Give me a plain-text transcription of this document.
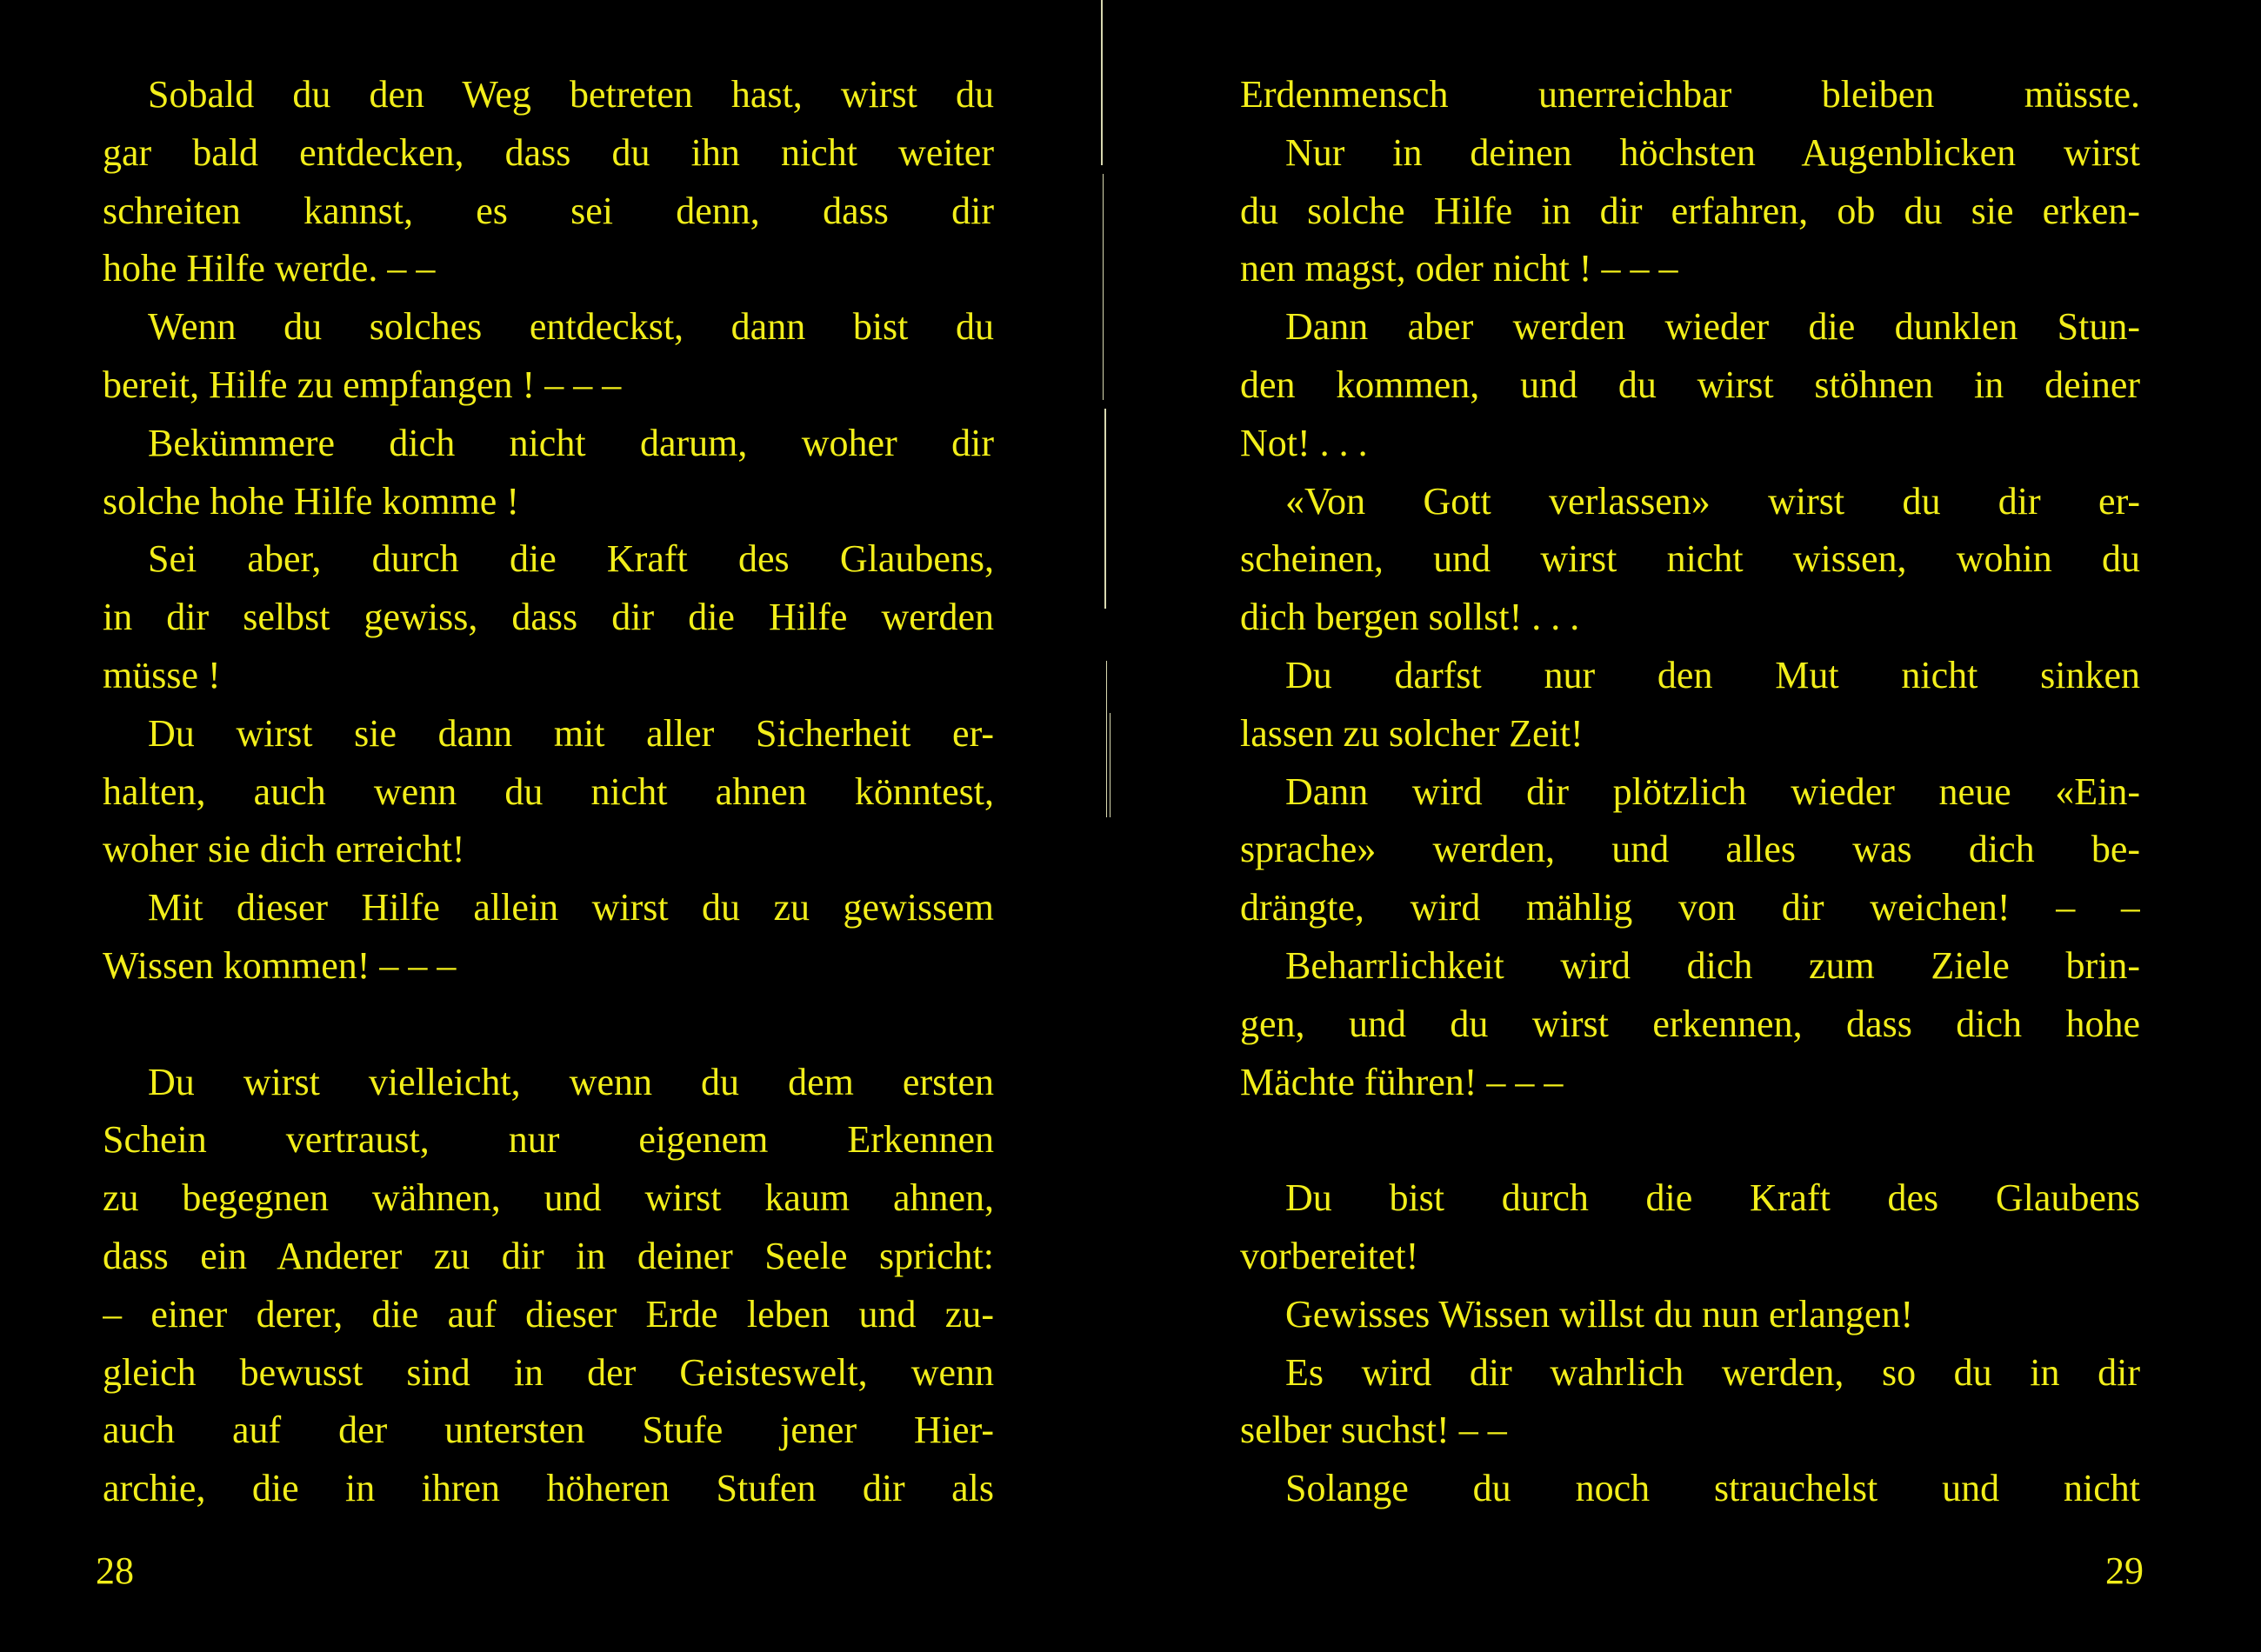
Sobald du den Weg betreten hast, wirst du
gar bald entdecken, dass du ihn nicht weiter
schreiten kannst, es sei denn, dass dir
hohe Hilfe werde. – –
Wenn du solches entdeckst, dann bist du
bereit, Hilfe zu empfangen ! – – –
Bekümmere dich nicht darum, woher dir
solche hohe Hilfe komme !
Sei aber, durch die Kraft des Glaubens,
in dir selbst gewiss, dass dir die Hilfe werden
müsse !
Du wirst sie dann mit aller Sicherheit er-
halten, auch wenn du nicht ahnen könntest,
woher sie dich erreicht!
Mit dieser Hilfe allein wirst du zu gewissem
Wissen kommen! – – –
Du wirst vielleicht, wenn du dem ersten
Schein vertraust, nur eigenem Erkennen
zu begegnen wähnen, und wirst kaum ahnen,
dass ein Anderer zu dir in deiner Seele spricht:
– einer derer, die auf dieser Erde leben und zu-
gleich bewusst sind in der Geisteswelt, wenn
auch auf der untersten Stufe jener Hier-
archie, die in ihren höheren Stufen dir als
28
Erdenmensch unerreichbar bleiben müsste.
Nur in deinen höchsten Augenblicken wirst
du solche Hilfe in dir erfahren, ob du sie erken-
nen magst, oder nicht ! – – –
Dann aber werden wieder die dunklen Stun-
den kommen, und du wirst stöhnen in deiner
Not! . . .
«Von Gott verlassen» wirst du dir er-
scheinen, und wirst nicht wissen, wohin du
dich bergen sollst! . . .
Du darfst nur den Mut nicht sinken
lassen zu solcher Zeit!
Dann wird dir plötzlich wieder neue «Ein-
sprache» werden, und alles was dich be-
drängte, wird mählig von dir weichen! – –
Beharrlichkeit wird dich zum Ziele brin-
gen, und du wirst erkennen, dass dich hohe
Mächte führen! – – –
Du bist durch die Kraft des Glaubens
vorbereitet!
Gewisses Wissen willst du nun erlangen!
Es wird dir wahrlich werden, so du in dir
selber suchst! – –
Solange du noch strauchelst und nicht
29
